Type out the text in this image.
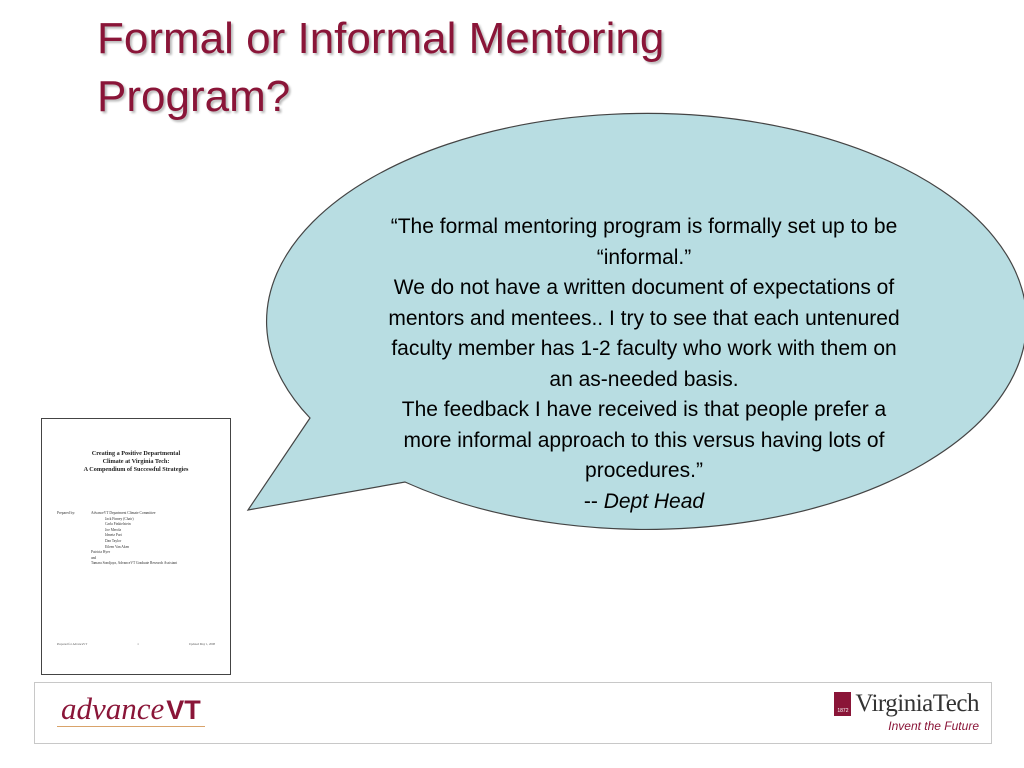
Formal or Informal Mentoring Program?

“The formal mentoring program is formally set up to be “informal.”

We do not have a written document of expectations of mentors and mentees.. I try to see that each untenured faculty member has 1-2 faculty who work with them on an as-needed basis.

The feedback I have received is that people prefer a more informal approach to this versus having lots of procedures.”

-- Dept Head

Creating a Positive Departmental
Climate at Virginia Tech:
A Compendium of Successful Strategies
Prepared by:	AdvanceVT Department Climate Committee
Jack Finney (Chair)
Carla Finkielstein
Joe Merola
Idmetz Puri
Dan Taylor
Eileen Van Aken
Patricia Hyer
and
Tamara Sondjaya, AdvanceVT Graduate Research Assistant
Prepared for AdvanceVT	1	Updated May 1, 2008
advanceVT	1872 VirginiaTech
Invent the Future
